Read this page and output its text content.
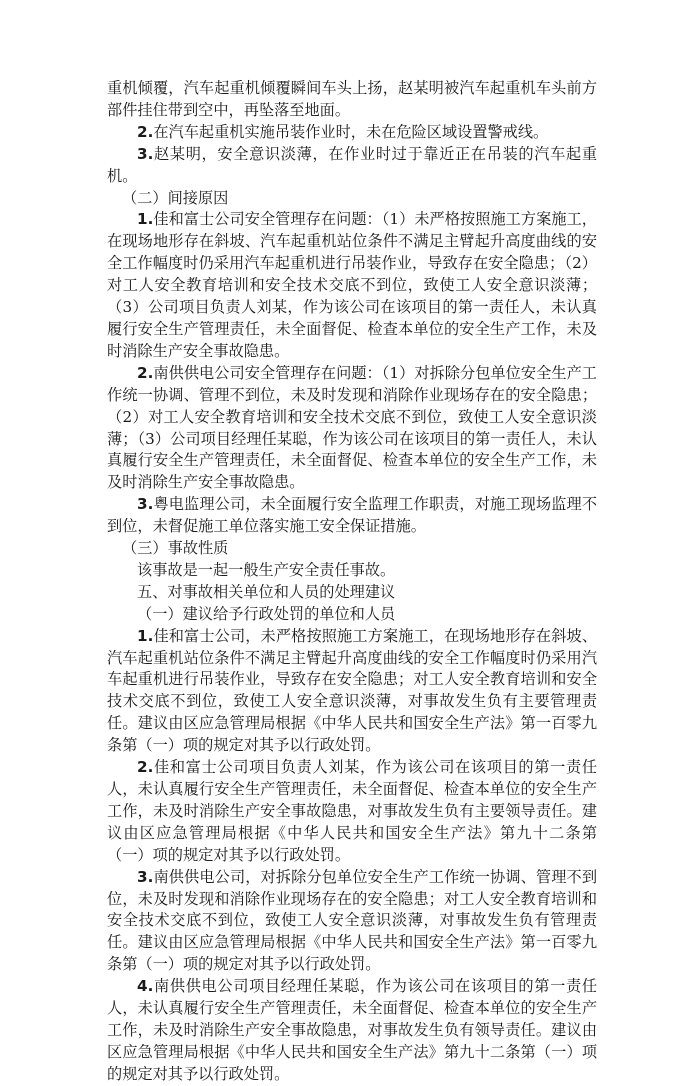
重机倾覆，汽车起重机倾覆瞬间车头上扬，赵某明被汽车起重机车头前方部件挂住带到空中，再坠落至地面。

2.在汽车起重机实施吊装作业时，未在危险区域设置警戒线。

3.赵某明，安全意识淡薄，在作业时过于靠近正在吊装的汽车起重机。

（二）间接原因

1.佳和富士公司安全管理存在问题：（1）未严格按照施工方案施工，在现场地形存在斜坡、汽车起重机站位条件不满足主臂起升高度曲线的安全工作幅度时仍采用汽车起重机进行吊装作业，导致存在安全隐患；（2）对工人安全教育培训和安全技术交底不到位，致使工人安全意识淡薄；（3）公司项目负责人刘某，作为该公司在该项目的第一责任人，未认真履行安全生产管理责任，未全面督促、检查本单位的安全生产工作，未及时消除生产安全事故隐患。

2.南供供电公司安全管理存在问题：（1）对拆除分包单位安全生产工作统一协调、管理不到位，未及时发现和消除作业现场存在的安全隐患；（2）对工人安全教育培训和安全技术交底不到位，致使工人安全意识淡薄；（3）公司项目经理任某聪，作为该公司在该项目的第一责任人，未认真履行安全生产管理责任，未全面督促、检查本单位的安全生产工作，未及时消除生产安全事故隐患。

3.粤电监理公司，未全面履行安全监理工作职责，对施工现场监理不到位，未督促施工单位落实施工安全保证措施。

（三）事故性质

该事故是一起一般生产安全责任事故。

五、对事故相关单位和人员的处理建议

（一）建议给予行政处罚的单位和人员

1.佳和富士公司，未严格按照施工方案施工，在现场地形存在斜坡、汽车起重机站位条件不满足主臂起升高度曲线的安全工作幅度时仍采用汽车起重机进行吊装作业，导致存在安全隐患；对工人安全教育培训和安全技术交底不到位，致使工人安全意识淡薄，对事故发生负有主要管理责任。建议由区应急管理局根据《中华人民共和国安全生产法》第一百零九条第（一）项的规定对其予以行政处罚。

2.佳和富士公司项目负责人刘某，作为该公司在该项目的第一责任人，未认真履行安全生产管理责任，未全面督促、检查本单位的安全生产工作，未及时消除生产安全事故隐患，对事故发生负有主要领导责任。建议由区应急管理局根据《中华人民共和国安全生产法》第九十二条第（一）项的规定对其予以行政处罚。

3.南供供电公司，对拆除分包单位安全生产工作统一协调、管理不到位，未及时发现和消除作业现场存在的安全隐患；对工人安全教育培训和安全技术交底不到位，致使工人安全意识淡薄，对事故发生负有管理责任。建议由区应急管理局根据《中华人民共和国安全生产法》第一百零九条第（一）项的规定对其予以行政处罚。

4.南供供电公司项目经理任某聪，作为该公司在该项目的第一责任人，未认真履行安全生产管理责任，未全面督促、检查本单位的安全生产工作，未及时消除生产安全事故隐患，对事故发生负有领导责任。建议由区应急管理局根据《中华人民共和国安全生产法》第九十二条第（一）项的规定对其予以行政处罚。
